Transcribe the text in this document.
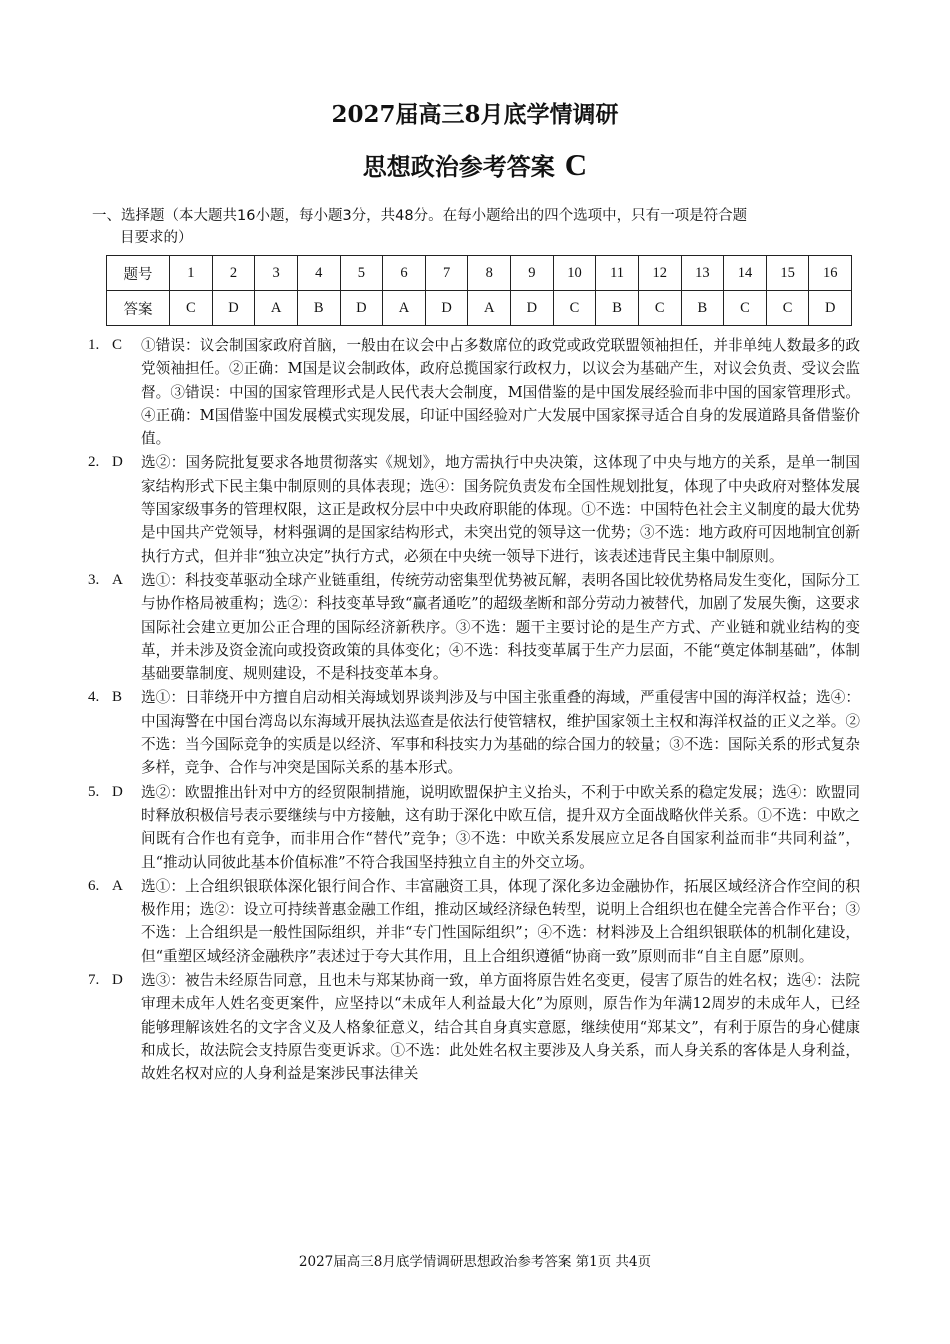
2027届高三8月底学情调研
思想政治参考答案 C
一、选择题（本大题共16小题，每小题3分，共48分。在每小题给出的四个选项中，只有一项是符合题
目要求的）
题号	1	2	3	4	5	6	7	8	9	10	11	12	13	14	15	16
答案	C	D	A	B	D	A	D	A	D	C	B	C	B	C	C	D
1. C ①错误：议会制国家政府首脑，一般由在议会中占多数席位的政党或政党联盟领袖担任，并非单纯人数最多的政党领袖担任。②正确：M国是议会制政体，政府总揽国家行政权力，以议会为基础产生，对议会负责、受议会监督。③错误：中国的国家管理形式是人民代表大会制度，M国借鉴的是中国发展经验而非中国的国家管理形式。④正确：M国借鉴中国发展模式实现发展，印证中国经验对广大发展中国家探寻适合自身的发展道路具备借鉴价值。
2. D 选②：国务院批复要求各地贯彻落实《规划》，地方需执行中央决策，这体现了中央与地方的关系，是单一制国家结构形式下民主集中制原则的具体表现；选④：国务院负责发布全国性规划批复，体现了中央政府对整体发展等国家级事务的管理权限，这正是政权分层中中央政府职能的体现。①不选：中国特色社会主义制度的最大优势是中国共产党领导，材料强调的是国家结构形式，未突出党的领导这一优势；③不选：地方政府可因地制宜创新执行方式，但并非“独立决定”执行方式，必须在中央统一领导下进行，该表述违背民主集中制原则。
3. A 选①：科技变革驱动全球产业链重组，传统劳动密集型优势被瓦解，表明各国比较优势格局发生变化，国际分工与协作格局被重构；选②：科技变革导致“赢者通吃”的超级垄断和部分劳动力被替代，加剧了发展失衡，这要求国际社会建立更加公正合理的国际经济新秩序。③不选：题干主要讨论的是生产方式、产业链和就业结构的变革，并未涉及资金流向或投资政策的具体变化；④不选：科技变革属于生产力层面，不能“奠定体制基础”，体制基础要靠制度、规则建设，不是科技变革本身。
4. B 选①：日菲绕开中方擅自启动相关海域划界谈判涉及与中国主张重叠的海域，严重侵害中国的海洋权益；选④：中国海警在中国台湾岛以东海域开展执法巡查是依法行使管辖权，维护国家领土主权和海洋权益的正义之举。②不选：当今国际竞争的实质是以经济、军事和科技实力为基础的综合国力的较量；③不选：国际关系的形式复杂多样，竞争、合作与冲突是国际关系的基本形式。
5. D 选②：欧盟推出针对中方的经贸限制措施，说明欧盟保护主义抬头，不利于中欧关系的稳定发展；选④：欧盟同时释放积极信号表示要继续与中方接触，这有助于深化中欧互信，提升双方全面战略伙伴关系。①不选：中欧之间既有合作也有竞争，而非用合作“替代”竞争；③不选：中欧关系发展应立足各自国家利益而非“共同利益”，且“推动认同彼此基本价值标准”不符合我国坚持独立自主的外交立场。
6. A 选①：上合组织银联体深化银行间合作、丰富融资工具，体现了深化多边金融协作，拓展区域经济合作空间的积极作用；选②：设立可持续普惠金融工作组，推动区域经济绿色转型，说明上合组织也在健全完善合作平台；③不选：上合组织是一般性国际组织，并非“专门性国际组织”；④不选：材料涉及上合组织银联体的机制化建设，但“重塑区域经济金融秩序”表述过于夸大其作用，且上合组织遵循“协商一致”原则而非“自主自愿”原则。
7. D 选③：被告未经原告同意，且也未与郑某协商一致，单方面将原告姓名变更，侵害了原告的姓名权；选④：法院审理未成年人姓名变更案件，应坚持以“未成年人利益最大化”为原则，原告作为年满12周岁的未成年人，已经能够理解该姓名的文字含义及人格象征意义，结合其自身真实意愿，继续使用“郑某文”，有利于原告的身心健康和成长，故法院会支持原告变更诉求。①不选：此处姓名权主要涉及人身关系，而人身关系的客体是人身利益，故姓名权对应的人身利益是案涉民事法律关
2027届高三8月底学情调研思想政治参考答案 第1页 共4页
